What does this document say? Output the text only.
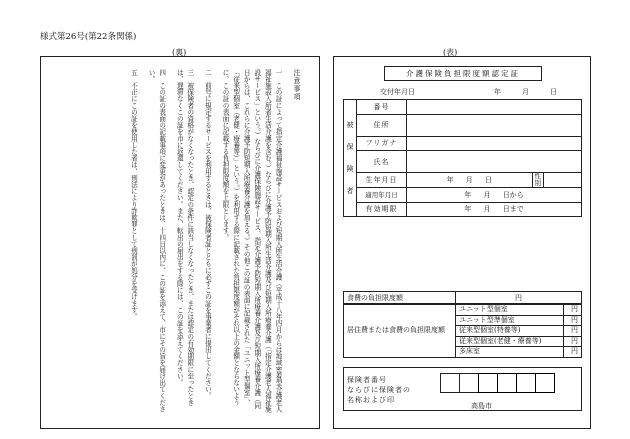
様式第26号(第22条関係)
(裏)	(表)
注意事項

一　この証によって指定介護福祉施設サービスおよび短期入所生活介護（平成十八年四月からは地域密着型介護老人福祉施設入所者生活介護を含む。）ならびに介護予防短期入所生活介護及び短期入所療養介護（「指定介護老人福祉施設サービス」という。）ならびに介護保険施設サービス、指定介護予防短期入所療養介護及び短期入所療養介護（同日からは、これらに介護予防短期入所療養介護を加える。）その他この証の表面に記載された「ユニット型個室」、「従来型個室（老健・療養等）」という。）を利用する際に記載された負担限度額がそれ以上の金額とならないように、この証の表面に記載する負担限度額を上限とします。

二　前号に規定するサービスを利用するときは、被保険者証とともに必ずこの証を事業者に提出してください。

三　被保険者の資格がなくなったとき、認定の条件に該当しなくなったとき、または認定の有効期限に至ったときは、遅滞なくこの証を市に返還してください。また、転出の届出をする際には、この証を添えてください。

四　この証の表面の記載事項に変更があったときは、十四日以内に、この証を添えて、市にその旨を届け出てください。

五　不正にこの証を使用した者は、刑法により詐欺罪として刑罰が処分を受けます。

介護保険負担限度額認定証
交付年月日	年	月	日
被
保
険
者	番号			
	住所			
	フリガナ			
	氏名			
	生年月日	年 月 日	性別	
	適用年月日	年 月 日から		
	有効期限	年 月 日まで		
食費の負担限度額	円
居住費または食費の負担限度額	ユニット型個室	円
	ユニット型準個室	円
	従来型個室(特養等)	円
	従来型個室(老健・療養等)	円
	多床室	円
保険者番号
ならびに保険者の
名称および印
高島市
